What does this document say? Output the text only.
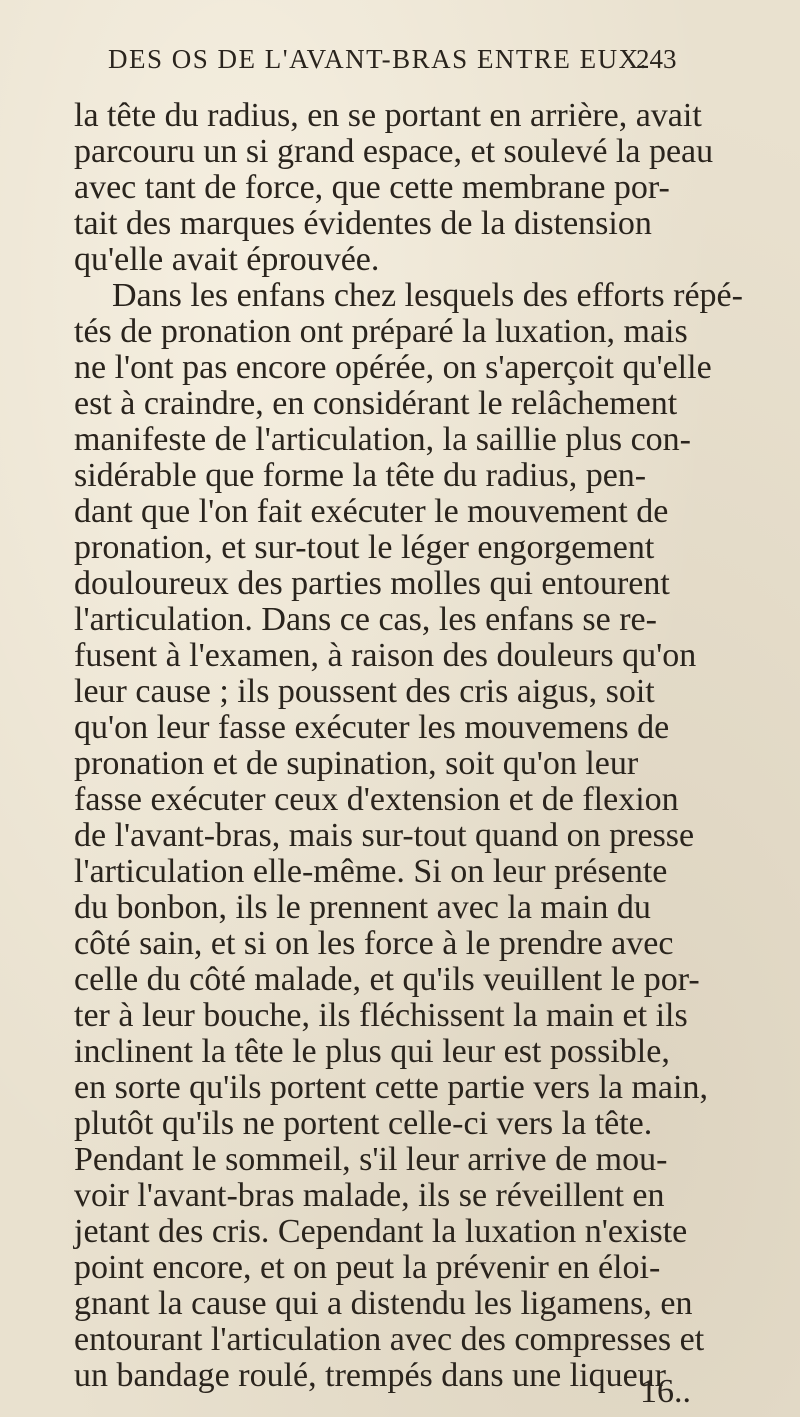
DES OS DE L'AVANT-BRAS ENTRE EUX.
243
la tête du radius, en se portant en arrière, avait
parcouru un si grand espace, et soulevé la peau
avec tant de force, que cette membrane por-
tait des marques évidentes de la distension
qu'elle avait éprouvée.
Dans les enfans chez lesquels des efforts répé-
tés de pronation ont préparé la luxation, mais
ne l'ont pas encore opérée, on s'aperçoit qu'elle
est à craindre, en considérant le relâchement
manifeste de l'articulation, la saillie plus con-
sidérable que forme la tête du radius, pen-
dant que l'on fait exécuter le mouvement de
pronation, et sur-tout le léger engorgement
douloureux des parties molles qui entourent
l'articulation. Dans ce cas, les enfans se re-
fusent à l'examen, à raison des douleurs qu'on
leur cause ; ils poussent des cris aigus, soit
qu'on leur fasse exécuter les mouvemens de
pronation et de supination, soit qu'on leur
fasse exécuter ceux d'extension et de flexion
de l'avant-bras, mais sur-tout quand on presse
l'articulation elle-même. Si on leur présente
du bonbon, ils le prennent avec la main du
côté sain, et si on les force à le prendre avec
celle du côté malade, et qu'ils veuillent le por-
ter à leur bouche, ils fléchissent la main et ils
inclinent la tête le plus qui leur est possible,
en sorte qu'ils portent cette partie vers la main,
plutôt qu'ils ne portent celle-ci vers la tête.
Pendant le sommeil, s'il leur arrive de mou-
voir l'avant-bras malade, ils se réveillent en
jetant des cris. Cependant la luxation n'existe
point encore, et on peut la prévenir en éloi-
gnant la cause qui a distendu les ligamens, en
entourant l'articulation avec des compresses et
un bandage roulé, trempés dans une liqueur
16..
